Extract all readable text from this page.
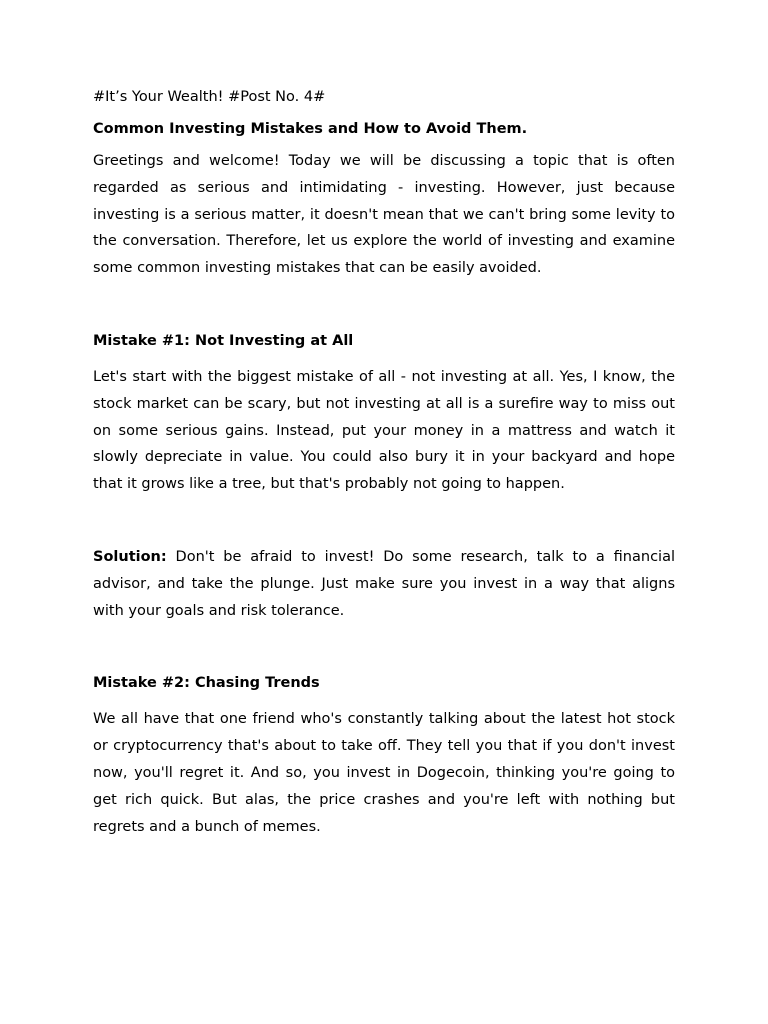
#It’s Your Wealth! #Post No. 4#

Common Investing Mistakes and How to Avoid Them.

Greetings and welcome! Today we will be discussing a topic that is often regarded as serious and intimidating - investing. However, just because investing is a serious matter, it doesn't mean that we can't bring some levity to the conversation. Therefore, let us explore the world of investing and examine some common investing mistakes that can be easily avoided.

Mistake #1: Not Investing at All

Let's start with the biggest mistake of all - not investing at all. Yes, I know, the stock market can be scary, but not investing at all is a surefire way to miss out on some serious gains. Instead, put your money in a mattress and watch it slowly depreciate in value. You could also bury it in your backyard and hope that it grows like a tree, but that's probably not going to happen.

Solution: Don't be afraid to invest! Do some research, talk to a financial advisor, and take the plunge. Just make sure you invest in a way that aligns with your goals and risk tolerance.

Mistake #2: Chasing Trends

We all have that one friend who's constantly talking about the latest hot stock or cryptocurrency that's about to take off. They tell you that if you don't invest now, you'll regret it. And so, you invest in Dogecoin, thinking you're going to get rich quick. But alas, the price crashes and you're left with nothing but regrets and a bunch of memes.
